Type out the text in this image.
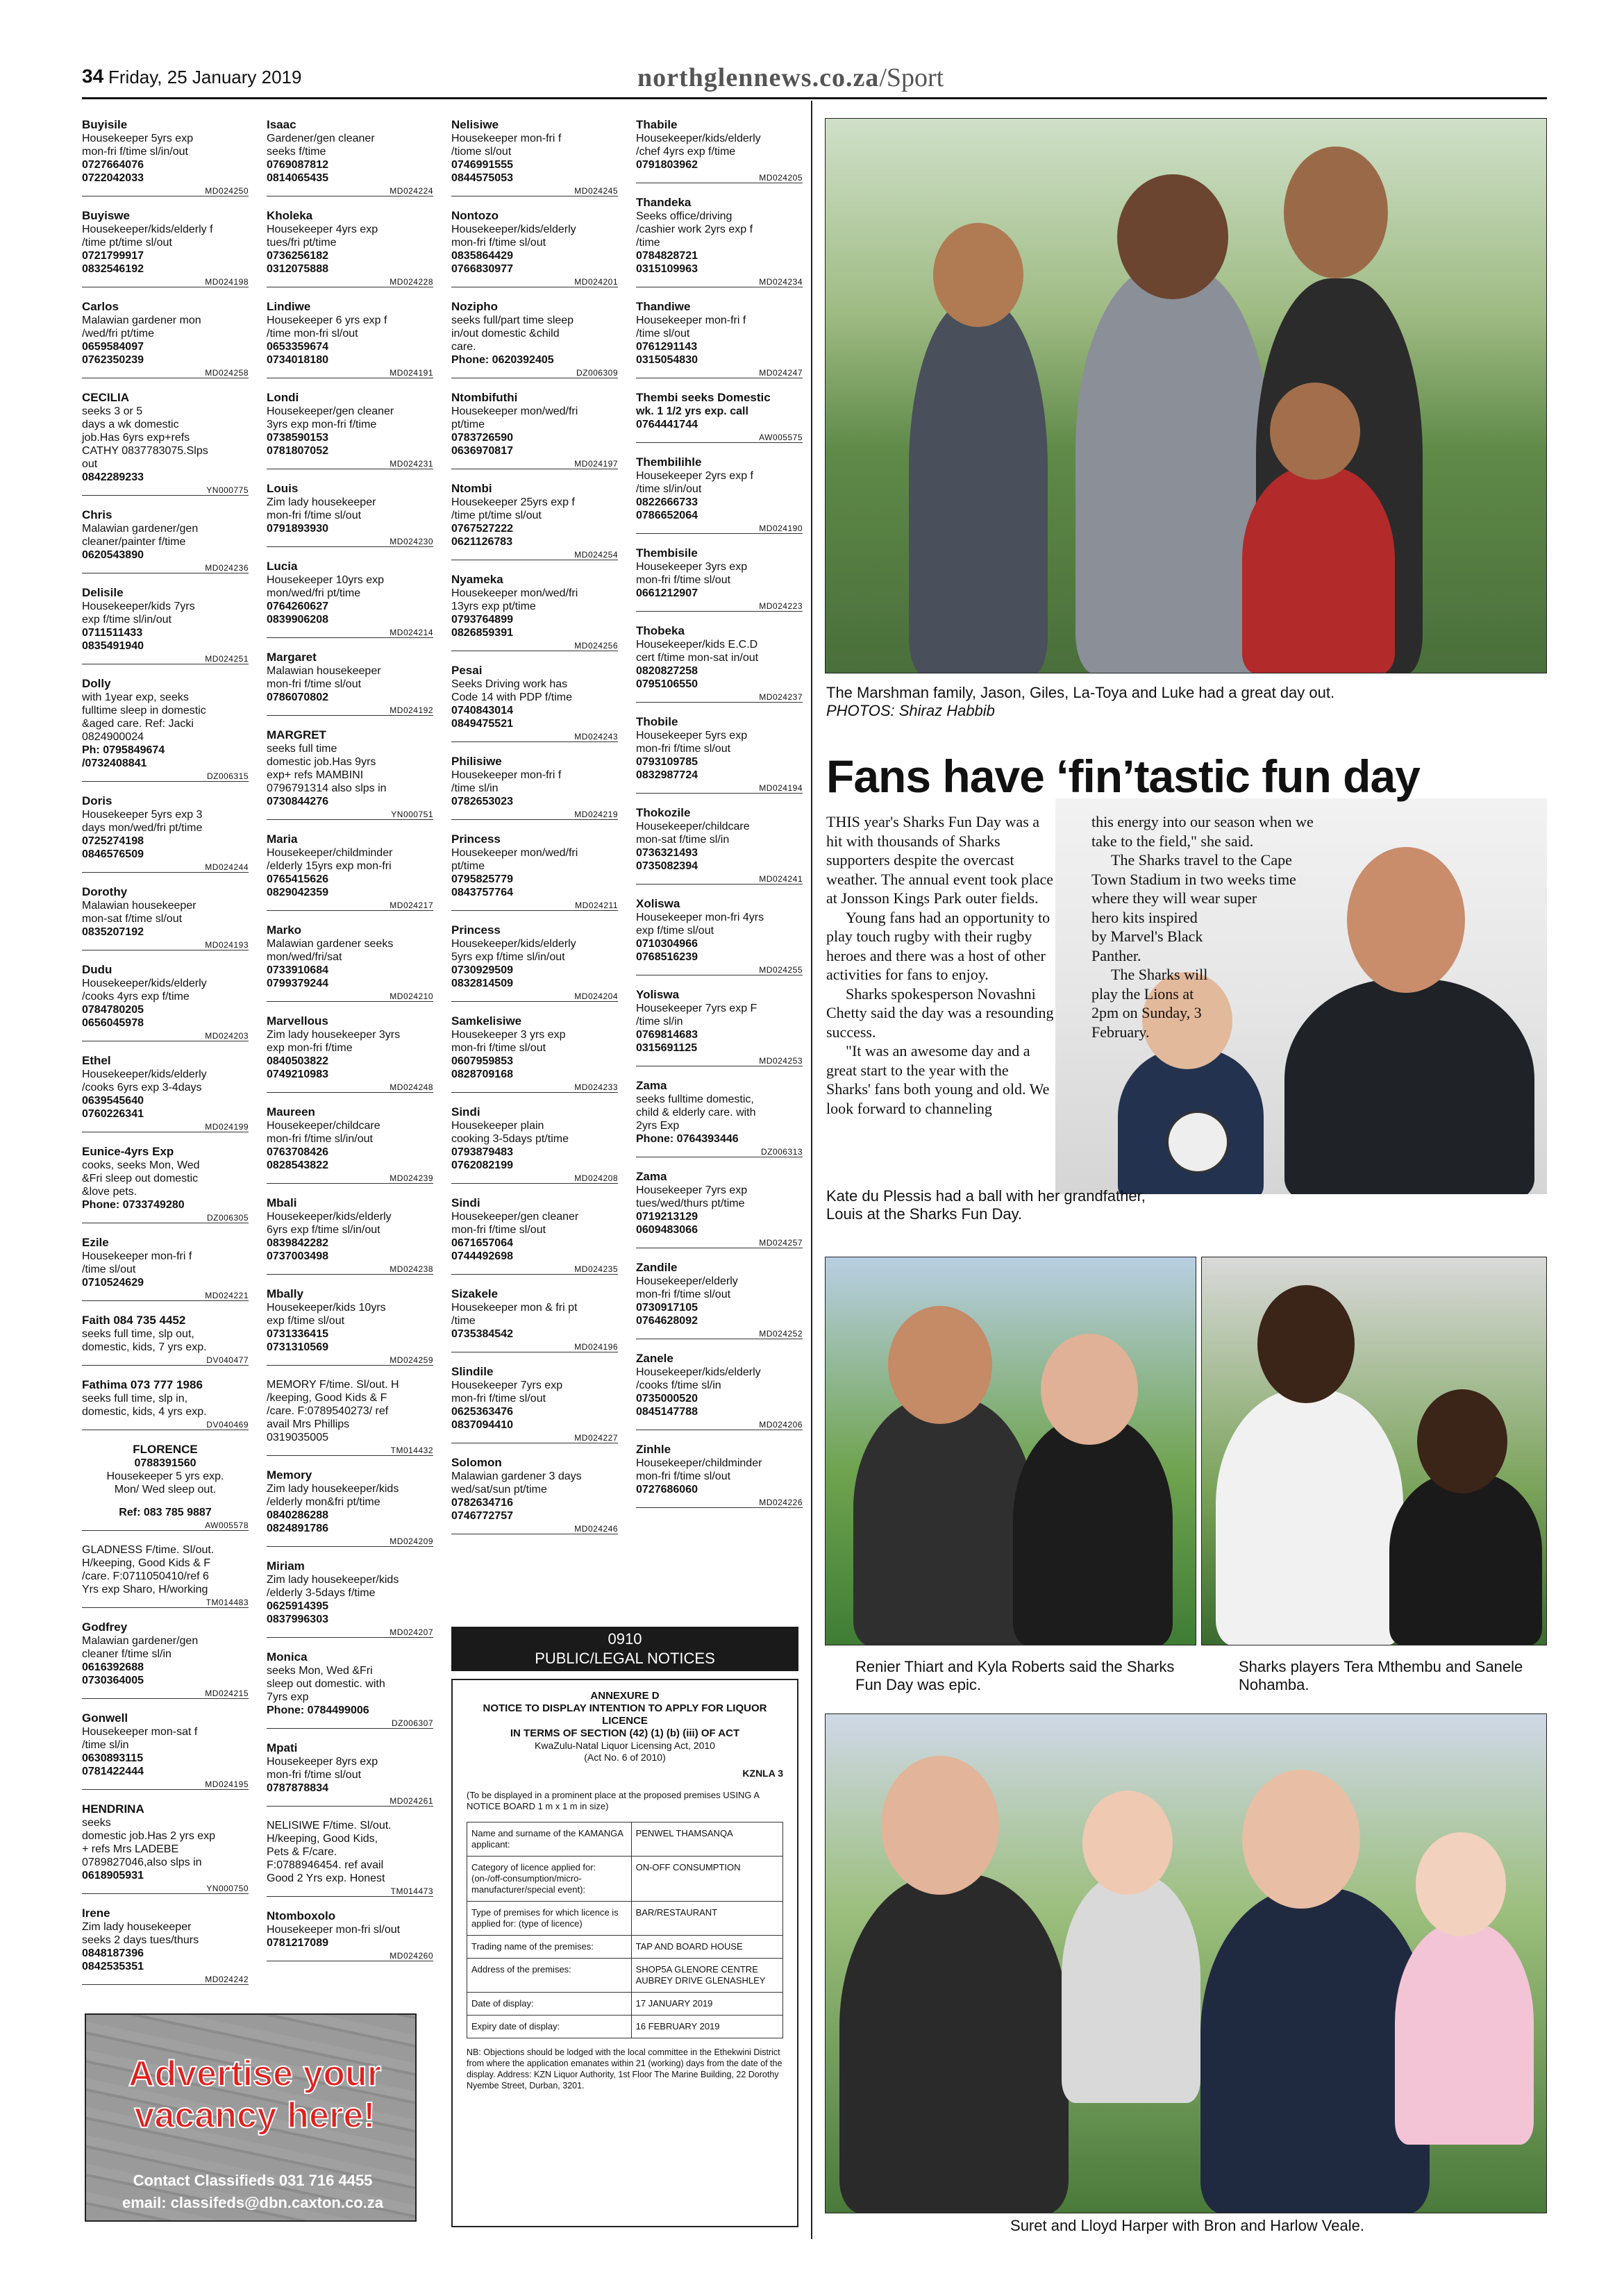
34 Friday, 25 January 2019	northglennews.co.za/Sport
Buyisile
Housekeeper 5yrs exp
mon-fri f/time sl/in/out
0727664076
0722042033
MD024250
Buyiswe
Housekeeper/kids/elderly f
/time pt/time sl/out
0721799917
0832546192
MD024198
Carlos
Malawian gardener mon
/wed/fri pt/time
0659584097
0762350239
MD024258
CECILIA
seeks 3 or 5
days a wk domestic
job.Has 6yrs exp+refs
CATHY 0837783075.Slps
out
0842289233
YN000775
Chris
Malawian gardener/gen
cleaner/painter f/time
0620543890
MD024236
Delisile
Housekeeper/kids 7yrs
exp f/time sl/in/out
0711511433
0835491940
MD024251
Dolly
with 1year exp, seeks
fulltime sleep in domestic
&aged care. Ref: Jacki
0824900024
Ph: 0795849674
/0732408841
DZ006315
Doris
Housekeeper 5yrs exp 3
days mon/wed/fri pt/time
0725274198
0846576509
MD024244
Dorothy
Malawian housekeeper
mon-sat f/time sl/out
0835207192
MD024193
Dudu
Housekeeper/kids/elderly
/cooks 4yrs exp f/time
0784780205
0656045978
MD024203
Ethel
Housekeeper/kids/elderly
/cooks 6yrs exp 3-4days
0639545640
0760226341
MD024199
Eunice-4yrs Exp
cooks, seeks Mon, Wed
&Fri sleep out domestic
&love pets.
Phone: 0733749280
DZ006305
Ezile
Housekeeper mon-fri f
/time sl/out
0710524629
MD024221
Faith 084 735 4452
seeks full time, slp out,
domestic, kids, 7 yrs exp.
DV040477
Fathima 073 777 1986
seeks full time, slp in,
domestic, kids, 4 yrs exp.
DV040469
FLORENCE
0788391560
Housekeeper 5 yrs exp.
Mon/ Wed sleep out.
Ref: 083 785 9887
AW005578
GLADNESS F/time. Sl/out.
H/keeping, Good Kids & F
/care. F:0711050410/ref 6
Yrs exp Sharo, H/working
TM014483
Godfrey
Malawian gardener/gen
cleaner f/time sl/in
0616392688
0730364005
MD024215
Gonwell
Housekeeper mon-sat f
/time sl/in
0630893115
0781422444
MD024195
HENDRINA
seeks
domestic job.Has 2 yrs exp
+ refs Mrs LADEBE
0789827046,also slps in
0618905931
YN000750
Irene
Zim lady housekeeper
seeks 2 days tues/thurs
0848187396
0842535351
MD024242
Isaac
Gardener/gen cleaner
seeks f/time
0769087812
0814065435
MD024224
Kholeka
Housekeeper 4yrs exp
tues/fri pt/time
0736256182
0312075888
MD024228
Lindiwe
Housekeeper 6 yrs exp f
/time mon-fri sl/out
0653359674
0734018180
MD024191
Londi
Housekeeper/gen cleaner
3yrs exp mon-fri f/time
0738590153
0781807052
MD024231
Louis
Zim lady housekeeper
mon-fri f/time sl/out
0791893930
MD024230
Lucia
Housekeeper 10yrs exp
mon/wed/fri pt/time
0764260627
0839906208
MD024214
Margaret
Malawian housekeeper
mon-fri f/time sl/out
0786070802
MD024192
MARGRET
seeks full time
domestic job.Has 9yrs
exp+ refs MAMBINI
0796791314 also slps in
0730844276
YN000751
Maria
Housekeeper/childminder
/elderly 15yrs exp mon-fri
0765415626
0829042359
MD024217
Marko
Malawian gardener seeks
mon/wed/fri/sat
0733910684
0799379244
MD024210
Marvellous
Zim lady housekeeper 3yrs
exp mon-fri f/time
0840503822
0749210983
MD024248
Maureen
Housekeeper/childcare
mon-fri f/time sl/in/out
0763708426
0828543822
MD024239
Mbali
Housekeeper/kids/elderly
6yrs exp f/time sl/in/out
0839842282
0737003498
MD024238
Mbally
Housekeeper/kids 10yrs
exp f/time sl/out
0731336415
0731310569
MD024259
MEMORY F/time. Sl/out. H
/keeping, Good Kids & F
/care. F:0789540273/ ref
avail Mrs Phillips
0319035005
TM014432
Memory
Zim lady housekeeper/kids
/elderly mon&fri pt/time
0840286288
0824891786
MD024209
Miriam
Zim lady housekeeper/kids
/elderly 3-5days f/time
0625914395
0837996303
MD024207
Monica
seeks Mon, Wed &Fri
sleep out domestic. with
7yrs exp
Phone: 0784499006
DZ006307
Mpati
Housekeeper 8yrs exp
mon-fri f/time sl/out
0787878834
MD024261
NELISIWE F/time. Sl/out.
H/keeping, Good Kids,
Pets & F/care.
F:0788946454. ref avail
Good 2 Yrs exp. Honest
TM014473
Ntomboxolo
Housekeeper mon-fri sl/out
0781217089
MD024260
Nelisiwe
Housekeeper mon-fri f
/tiome sl/out
0746991555
0844575053
MD024245
Nontozo
Housekeeper/kids/elderly
mon-fri f/time sl/out
0835864429
0766830977
MD024201
Nozipho
seeks full/part time sleep
in/out domestic &child
care.
Phone: 0620392405
DZ006309
Ntombifuthi
Housekeeper mon/wed/fri
pt/time
0783726590
0636970817
MD024197
Ntombi
Housekeeper 25yrs exp f
/time pt/time sl/out
0767527222
0621126783
MD024254
Nyameka
Housekeeper mon/wed/fri
13yrs exp pt/time
0793764899
0826859391
MD024256
Pesai
Seeks Driving work has
Code 14 with PDP f/time
0740843014
0849475521
MD024243
Philisiwe
Housekeeper mon-fri f
/time sl/in
0782653023
MD024219
Princess
Housekeeper mon/wed/fri
pt/time
0795825779
0843757764
MD024211
Princess
Housekeeper/kids/elderly
5yrs exp f/time sl/in/out
0730929509
0832814509
MD024204
Samkelisiwe
Housekeeper 3 yrs exp
mon-fri f/time sl/out
0607959853
0828709168
MD024233
Sindi
Housekeeper plain
cooking 3-5days pt/time
0793879483
0762082199
MD024208
Sindi
Housekeeper/gen cleaner
mon-fri f/time sl/out
0671657064
0744492698
MD024235
Sizakele
Housekeeper mon & fri pt
/time
0735384542
MD024196
Slindile
Housekeeper 7yrs exp
mon-fri f/time sl/out
0625363476
0837094410
MD024227
Solomon
Malawian gardener 3 days
wed/sat/sun pt/time
0782634716
0746772757
MD024246
Thabile
Housekeeper/kids/elderly
/chef 4yrs exp f/time
0791803962
MD024205
Thandeka
Seeks office/driving
/cashier work 2yrs exp f
/time
0784828721
0315109963
MD024234
Thandiwe
Housekeeper mon-fri f
/time sl/out
0761291143
0315054830
MD024247
Thembi seeks Domestic
wk. 1 1/2 yrs exp. call
0764441744
AW005575
Thembilihle
Housekeeper 2yrs exp f
/time sl/in/out
0822666733
0786652064
MD024190
Thembisile
Housekeeper 3yrs exp
mon-fri f/time sl/out
0661212907
MD024223
Thobeka
Housekeeper/kids E.C.D
cert f/time mon-sat in/out
0820827258
0795106550
MD024237
Thobile
Housekeeper 5yrs exp
mon-fri f/time sl/out
0793109785
0832987724
MD024194
Thokozile
Housekeeper/childcare
mon-sat f/time sl/in
0736321493
0735082394
MD024241
Xoliswa
Housekeeper mon-fri 4yrs
exp f/time sl/out
0710304966
0768516239
MD024255
Yoliswa
Housekeeper 7yrs exp F
/time sl/in
0769814683
0315691125
MD024253
Zama
seeks fulltime domestic,
child & elderly care. with
2yrs Exp
Phone: 0764393446
DZ006313
Zama
Housekeeper 7yrs exp
tues/wed/thurs pt/time
0719213129
0609483066
MD024257
Zandile
Housekeeper/elderly
mon-fri f/time sl/out
0730917105
0764628092
MD024252
Zanele
Housekeeper/kids/elderly
/cooks f/time sl/in
0735000520
0845147788
MD024206
Zinhle
Housekeeper/childminder
mon-fri f/time sl/out
0727686060
MD024226
Advertise your
vacancy here!
Contact Classifieds 031 716 4455
email: classifeds@dbn.caxton.co.za
0910
PUBLIC/LEGAL NOTICES
ANNEXURE D
NOTICE TO DISPLAY INTENTION TO APPLY FOR LIQUOR LICENCE
IN TERMS OF SECTION (42) (1) (b) (iii) OF ACT
KwaZulu-Natal Liquor Licensing Act, 2010
(Act No. 6 of 2010)
KZNLA 3
(To be displayed in a prominent place at the proposed premises USING A NOTICE BOARD 1 m x 1 m in size)
Name and surname of the KAMANGA applicant:	PENWEL THAMSANQA
Category of licence applied for: (on-/off-consumption/micro-manufacturer/special event):	ON-OFF CONSUMPTION
Type of premises for which licence is applied for: (type of licence)	BAR/RESTAURANT
Trading name of the premises:	TAP AND BOARD HOUSE
Address of the premises:	SHOP5A GLENORE CENTRE AUBREY DRIVE GLENASHLEY
Date of display:	17 JANUARY 2019
Expiry date of display:	16 FEBRUARY 2019
NB: Objections should be lodged with the local committee in the Ethekwini District from where the application emanates within 21 (working) days from the date of the display. Address: KZN Liquor Authority, 1st Floor The Marine Building, 22 Dorothy Nyembe Street, Durban, 3201.
The Marshman family, Jason, Giles, La-Toya and Luke had a great day out.
PHOTOS: Shiraz Habbib
Kate du Plessis had a ball with her grandfather, Louis at the Sharks Fun Day.
Renier Thiart and Kyla Roberts said the Sharks Fun Day was epic.
Sharks players Tera Mthembu and Sanele Nohamba.
Suret and Lloyd Harper with Bron and Harlow Veale.
Fans have ‘fin’tastic fun day

THIS year's Sharks Fun Day was a hit with thousands of Sharks supporters despite the overcast weather. The annual event took place at Jonsson Kings Park outer fields.

Young fans had an opportunity to play touch rugby with their rugby heroes and there was a host of other activities for fans to enjoy.

Sharks spokesperson Novashni Chetty said the day was a resounding success.

"It was an awesome day and a great start to the year with the Sharks' fans both young and old. We look forward to channeling

this energy into our season when we take to the field," she said.

The Sharks travel to the Cape Town Stadium in two weeks time where they will wear super

hero kits inspired by Marvel's Black Panther.

The Sharks will play the Lions at 2pm on Sunday, 3 February.
